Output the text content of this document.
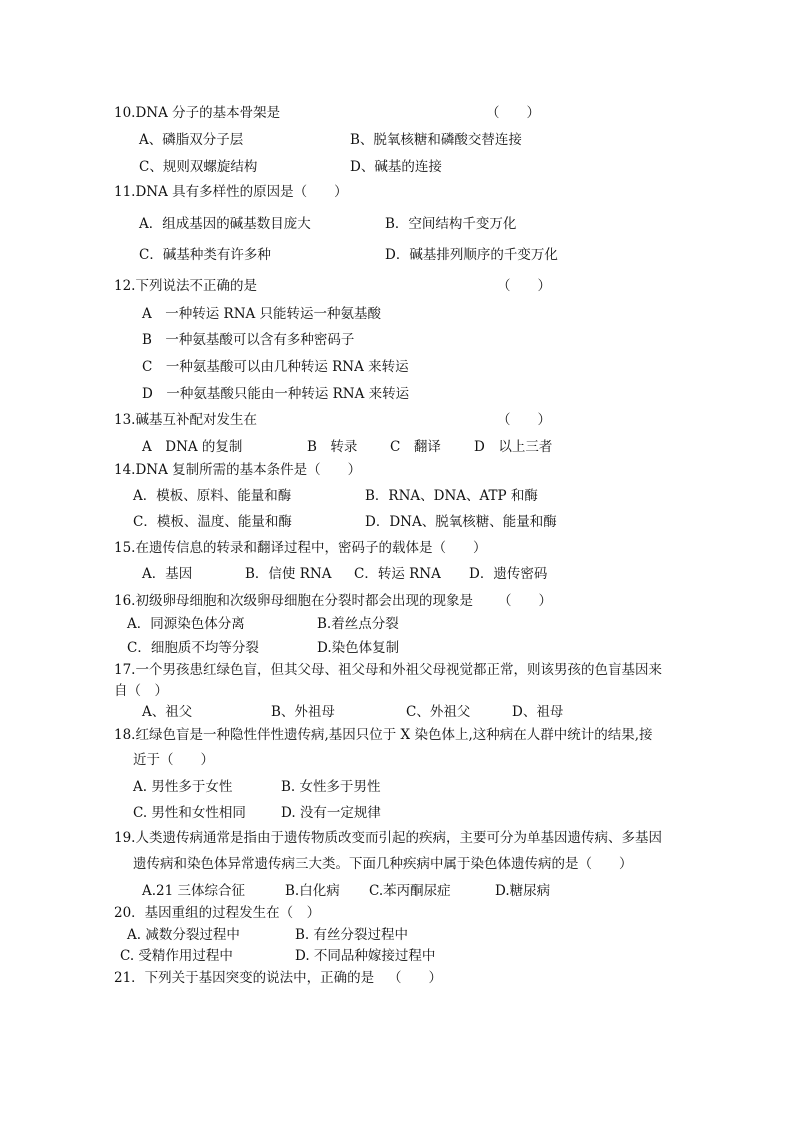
10.DNA 分子的基本骨架是	（　　）
A、磷脂双分子层	B、脱氧核糖和磷酸交替连接
C、规则双螺旋结构	D、碱基的连接
11.DNA 具有多样性的原因是（　　）
A．组成基因的碱基数目庞大	B．空间结构千变万化
C．碱基种类有许多种	D．碱基排列顺序的千变万化
12.下列说法不正确的是	（　　）
A　一种转运 RNA 只能转运一种氨基酸
B　一种氨基酸可以含有多种密码子
C　一种氨基酸可以由几种转运 RNA 来转运
D　一种氨基酸只能由一种转运 RNA 来转运
13.碱基互补配对发生在	（　　）
A　DNA 的复制	B　转录 C　翻译 D　以上三者
14.DNA 复制所需的基本条件是（　　）
A．模板、原料、能量和酶	B．RNA、DNA、ATP 和酶
C．模板、温度、能量和酶	D．DNA、脱氧核糖、能量和酶
15.在遗传信息的转录和翻译过程中，密码子的载体是（　　）
A．基因	B．信使 RNA C．转运 RNA D．遗传密码
16.初级卵母细胞和次级卵母细胞在分裂时都会出现的现象是 （　　）
A．同源染色体分离	B.着丝点分裂
C．细胞质不均等分裂	D.染色体复制
17.一个男孩患红绿色盲，但其父母、祖父母和外祖父母视觉都正常，则该男孩的色盲基因来
自（　）
A、祖父	B、外祖母	C、外祖父	D、祖母
18.红绿色盲是一种隐性伴性遗传病,基因只位于 X 染色体上,这种病在人群中统计的结果,接
近于（　　）
A. 男性多于女性	B. 女性多于男性
C. 男性和女性相同	D. 没有一定规律
19.人类遗传病通常是指由于遗传物质改变而引起的疾病，主要可分为单基因遗传病、多基因
遗传病和染色体异常遗传病三大类。下面几种疾病中属于染色体遗传病的是（　　）
A.21 三体综合征	B.白化病 C.苯丙酮尿症	D.糖尿病
20．基因重组的过程发生在（　）
A. 减数分裂过程中	B. 有丝分裂过程中
C. 受精作用过程中	D. 不同品种嫁接过程中
21．下列关于基因突变的说法中，正确的是 （　　）
